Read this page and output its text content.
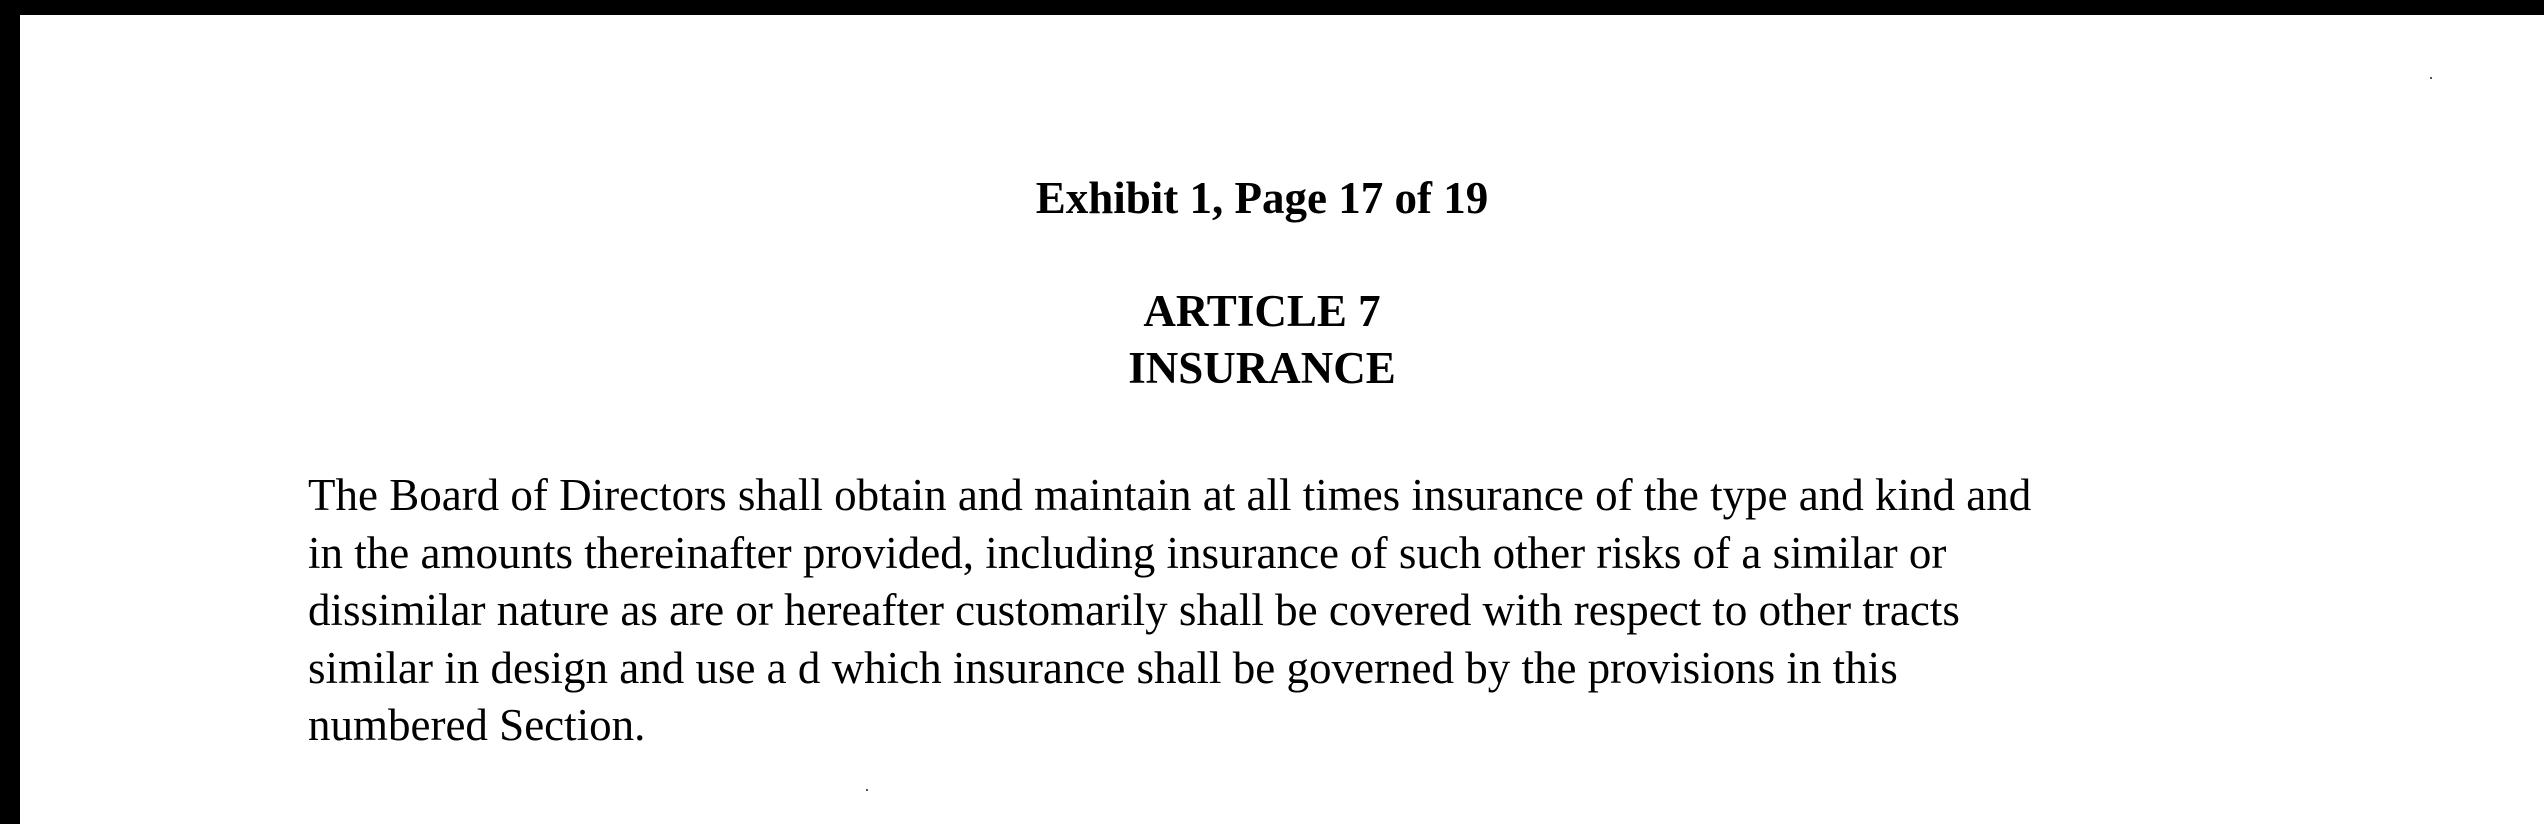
Exhibit 1, Page 17 of 19
ARTICLE 7
INSURANCE
The Board of Directors shall obtain and maintain at all times insurance of the type and kind and
in the amounts thereinafter provided, including insurance of such other risks of a similar or
dissimilar nature as are or hereafter customarily shall be covered with respect to other tracts
similar in design and use a d which insurance shall be governed by the provisions in this
numbered Section.
